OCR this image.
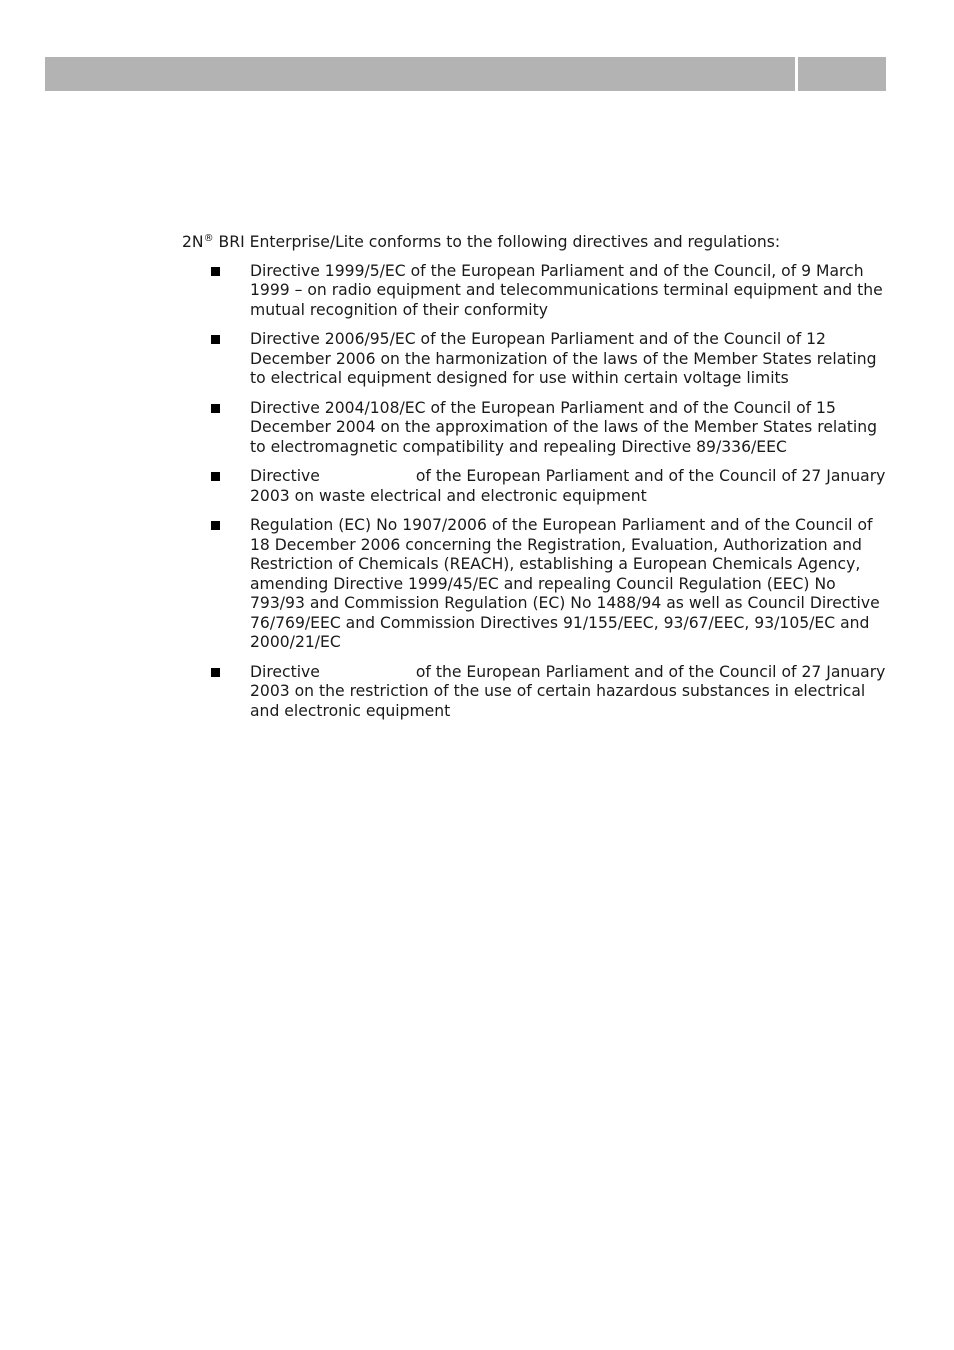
2N® BRI Enterprise/Lite conforms to the following directives and regulations:

Directive 1999/5/EC of the European Parliament and of the Council, of 9 March 1999 – on radio equipment and telecommunications terminal equipment and the mutual recognition of their conformity
Directive 2006/95/EC of the European Parliament and of the Council of 12 December 2006 on the harmonization of the laws of the Member States relating to electrical equipment designed for use within certain voltage limits
Directive 2004/108/EC of the European Parliament and of the Council of 15 December 2004 on the approximation of the laws of the Member States relating to electromagnetic compatibility and repealing Directive 89/336/EEC
Directive	of the European Parliament and of the Council of 27 January 2003 on waste electrical and electronic equipment
Regulation (EC) No 1907/2006 of the European Parliament and of the Council of 18 December 2006 concerning the Registration, Evaluation, Authorization and Restriction of Chemicals (REACH), establishing a European Chemicals Agency, amending Directive 1999/45/EC and repealing Council Regulation (EEC) No 793/93 and Commission Regulation (EC) No 1488/94 as well as Council Directive 76/769/EEC and Commission Directives 91/155/EEC, 93/67/EEC, 93/105/EC and 2000/21/EC
Directive	of the European Parliament and of the Council of 27 January 2003 on the restriction of the use of certain hazardous substances in electrical and electronic equipment
